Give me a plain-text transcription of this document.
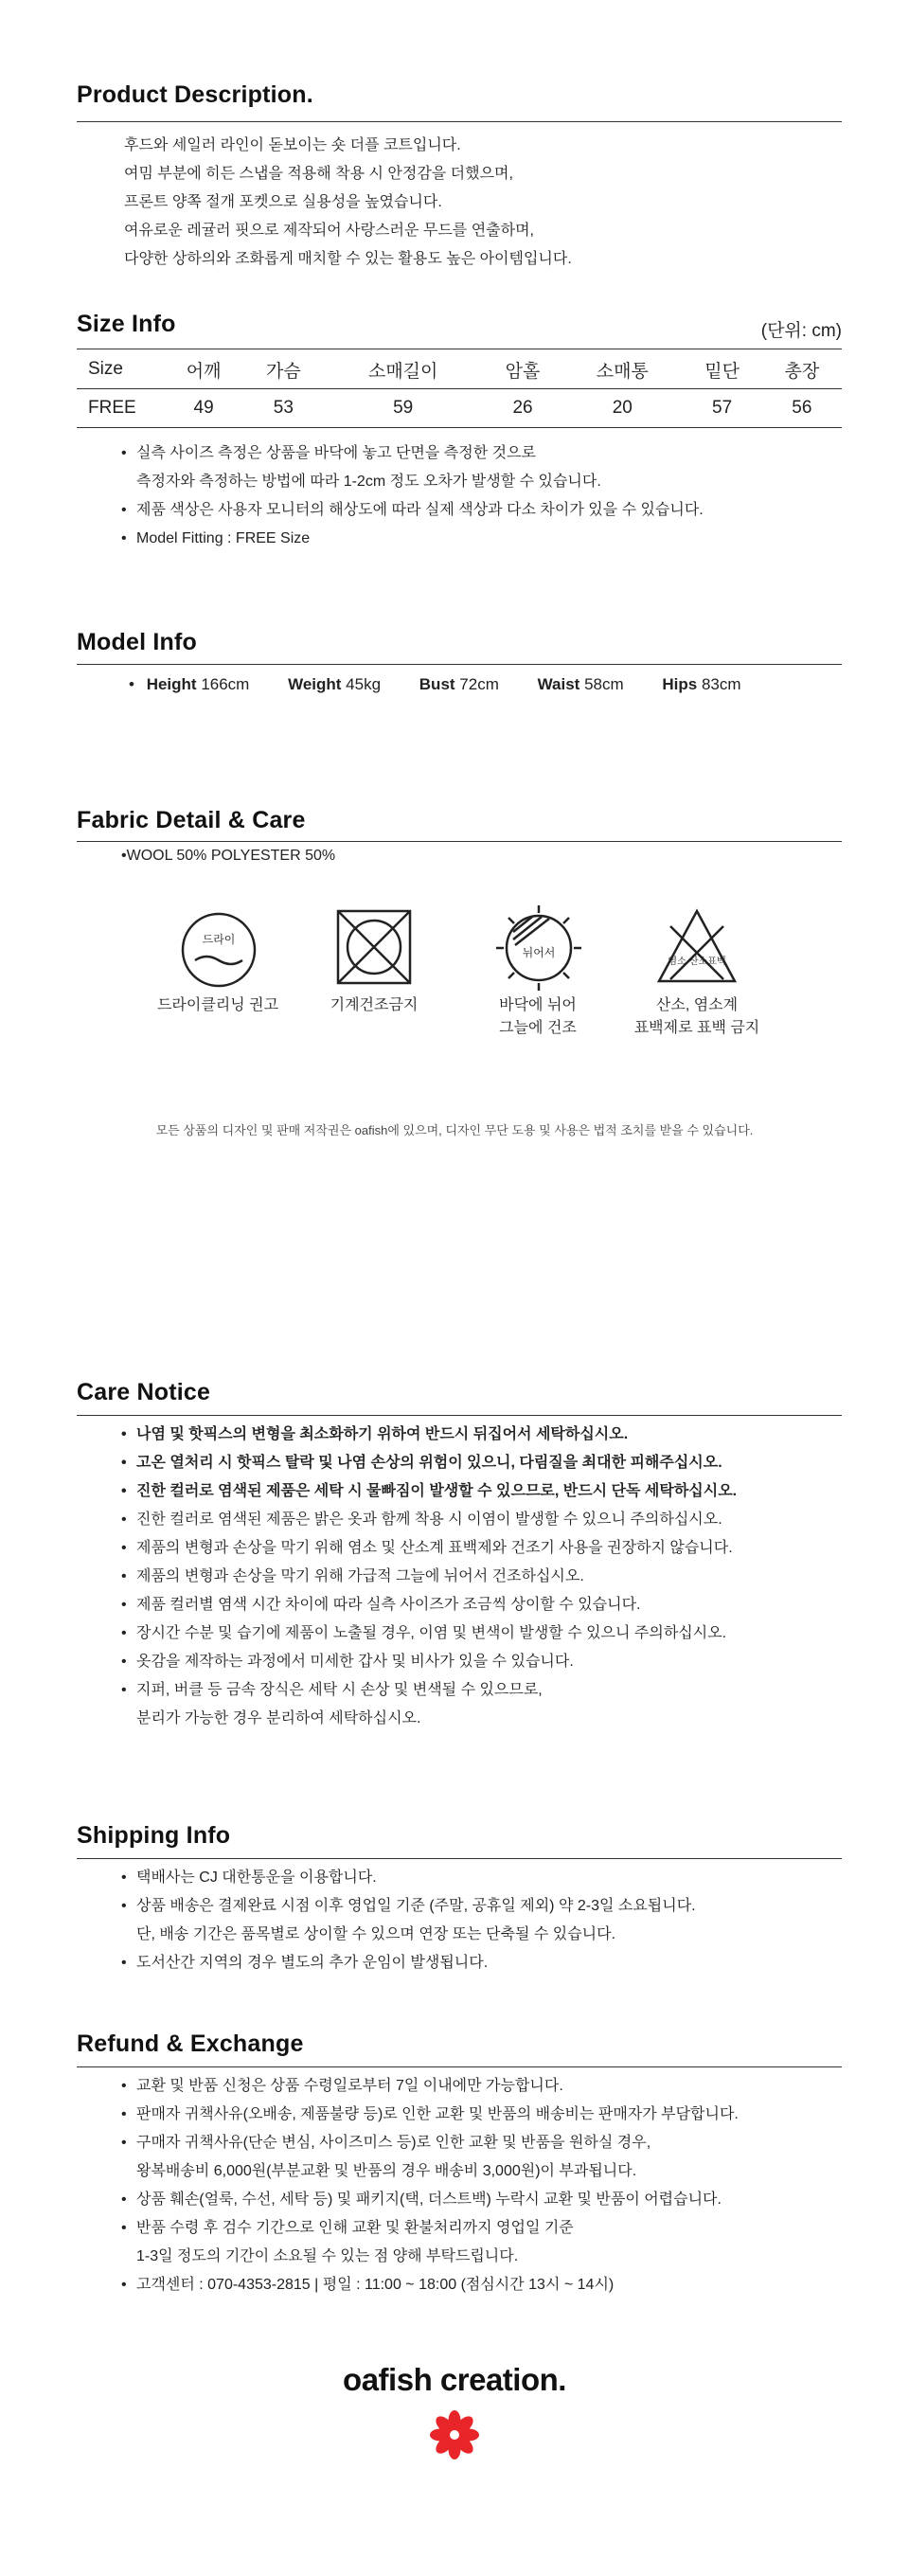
Product Description.

후드와 세일러 라인이 돋보이는 숏 더플 코트입니다.

여밈 부분에 히든 스냅을 적용해 착용 시 안정감을 더했으며,

프론트 양쪽 절개 포켓으로 실용성을 높였습니다.

여유로운 레귤러 핏으로 제작되어 사랑스러운 무드를 연출하며,

다양한 상하의와 조화롭게 매치할 수 있는 활용도 높은 아이템입니다.

Size Info	(단위: cm)
Size	어깨	가슴	소매길이	암홀	소매통	밑단	총장
FREE	49	53	59	26	20	57	56
• 실측 사이즈 측정은 상품을 바닥에 놓고 단면을 측정한 것으로
측정자와 측정하는 방법에 따라 1-2cm 정도 오차가 발생할 수 있습니다.
• 제품 색상은 사용자 모니터의 해상도에 따라 실제 색상과 다소 차이가 있을 수 있습니다.
• Model Fitting : FREE Size
Model Info
• Height 166cm Weight 45kg Bust 72cm Waist 58cm Hips 83cm
Fabric Detail & Care
•WOOL 50% POLYESTER 50%
드라이
드라이클리닝 권고	기계건조금지
뉘어서
바닥에 뉘어
그늘에 건조
염소 산소표백
산소, 염소계
표백제로 표백 금지
모든 상품의 디자인 및 판매 저작권은 oafish에 있으며, 디자인 무단 도용 및 사용은 법적 조치를 받을 수 있습니다.
Care Notice
• 나염 및 핫픽스의 변형을 최소화하기 위하여 반드시 뒤집어서 세탁하십시오.
• 고온 열처리 시 핫픽스 탈락 및 나염 손상의 위험이 있으니, 다림질을 최대한 피해주십시오.
• 진한 컬러로 염색된 제품은 세탁 시 물빠짐이 발생할 수 있으므로, 반드시 단독 세탁하십시오.
• 진한 컬러로 염색된 제품은 밝은 옷과 함께 착용 시 이염이 발생할 수 있으니 주의하십시오.
• 제품의 변형과 손상을 막기 위해 염소 및 산소계 표백제와 건조기 사용을 권장하지 않습니다.
• 제품의 변형과 손상을 막기 위해 가급적 그늘에 뉘어서 건조하십시오.
• 제품 컬러별 염색 시간 차이에 따라 실측 사이즈가 조금씩 상이할 수 있습니다.
• 장시간 수분 및 습기에 제품이 노출될 경우, 이염 및 변색이 발생할 수 있으니 주의하십시오.
• 옷감을 제작하는 과정에서 미세한 갑사 및 비사가 있을 수 있습니다.
• 지퍼, 버클 등 금속 장식은 세탁 시 손상 및 변색될 수 있으므로,
분리가 가능한 경우 분리하여 세탁하십시오.
Shipping Info
• 택배사는 CJ 대한통운을 이용합니다.
• 상품 배송은 결제완료 시점 이후 영업일 기준 (주말, 공휴일 제외) 약 2-3일 소요됩니다.
단, 배송 기간은 품목별로 상이할 수 있으며 연장 또는 단축될 수 있습니다.
• 도서산간 지역의 경우 별도의 추가 운임이 발생됩니다.
Refund & Exchange
• 교환 및 반품 신청은 상품 수령일로부터 7일 이내에만 가능합니다.
• 판매자 귀책사유(오배송, 제품불량 등)로 인한 교환 및 반품의 배송비는 판매자가 부담합니다.
• 구매자 귀책사유(단순 변심, 사이즈미스 등)로 인한 교환 및 반품을 원하실 경우,
왕복배송비 6,000원(부분교환 및 반품의 경우 배송비 3,000원)이 부과됩니다.
• 상품 훼손(얼룩, 수선, 세탁 등) 및 패키지(택, 더스트백) 누락시 교환 및 반품이 어렵습니다.
• 반품 수령 후 검수 기간으로 인해 교환 및 환불처리까지 영업일 기준
1-3일 정도의 기간이 소요될 수 있는 점 양해 부탁드립니다.
• 고객센터 : 070-4353-2815 | 평일 : 11:00 ~ 18:00 (점심시간 13시 ~ 14시)
oafish creation.
